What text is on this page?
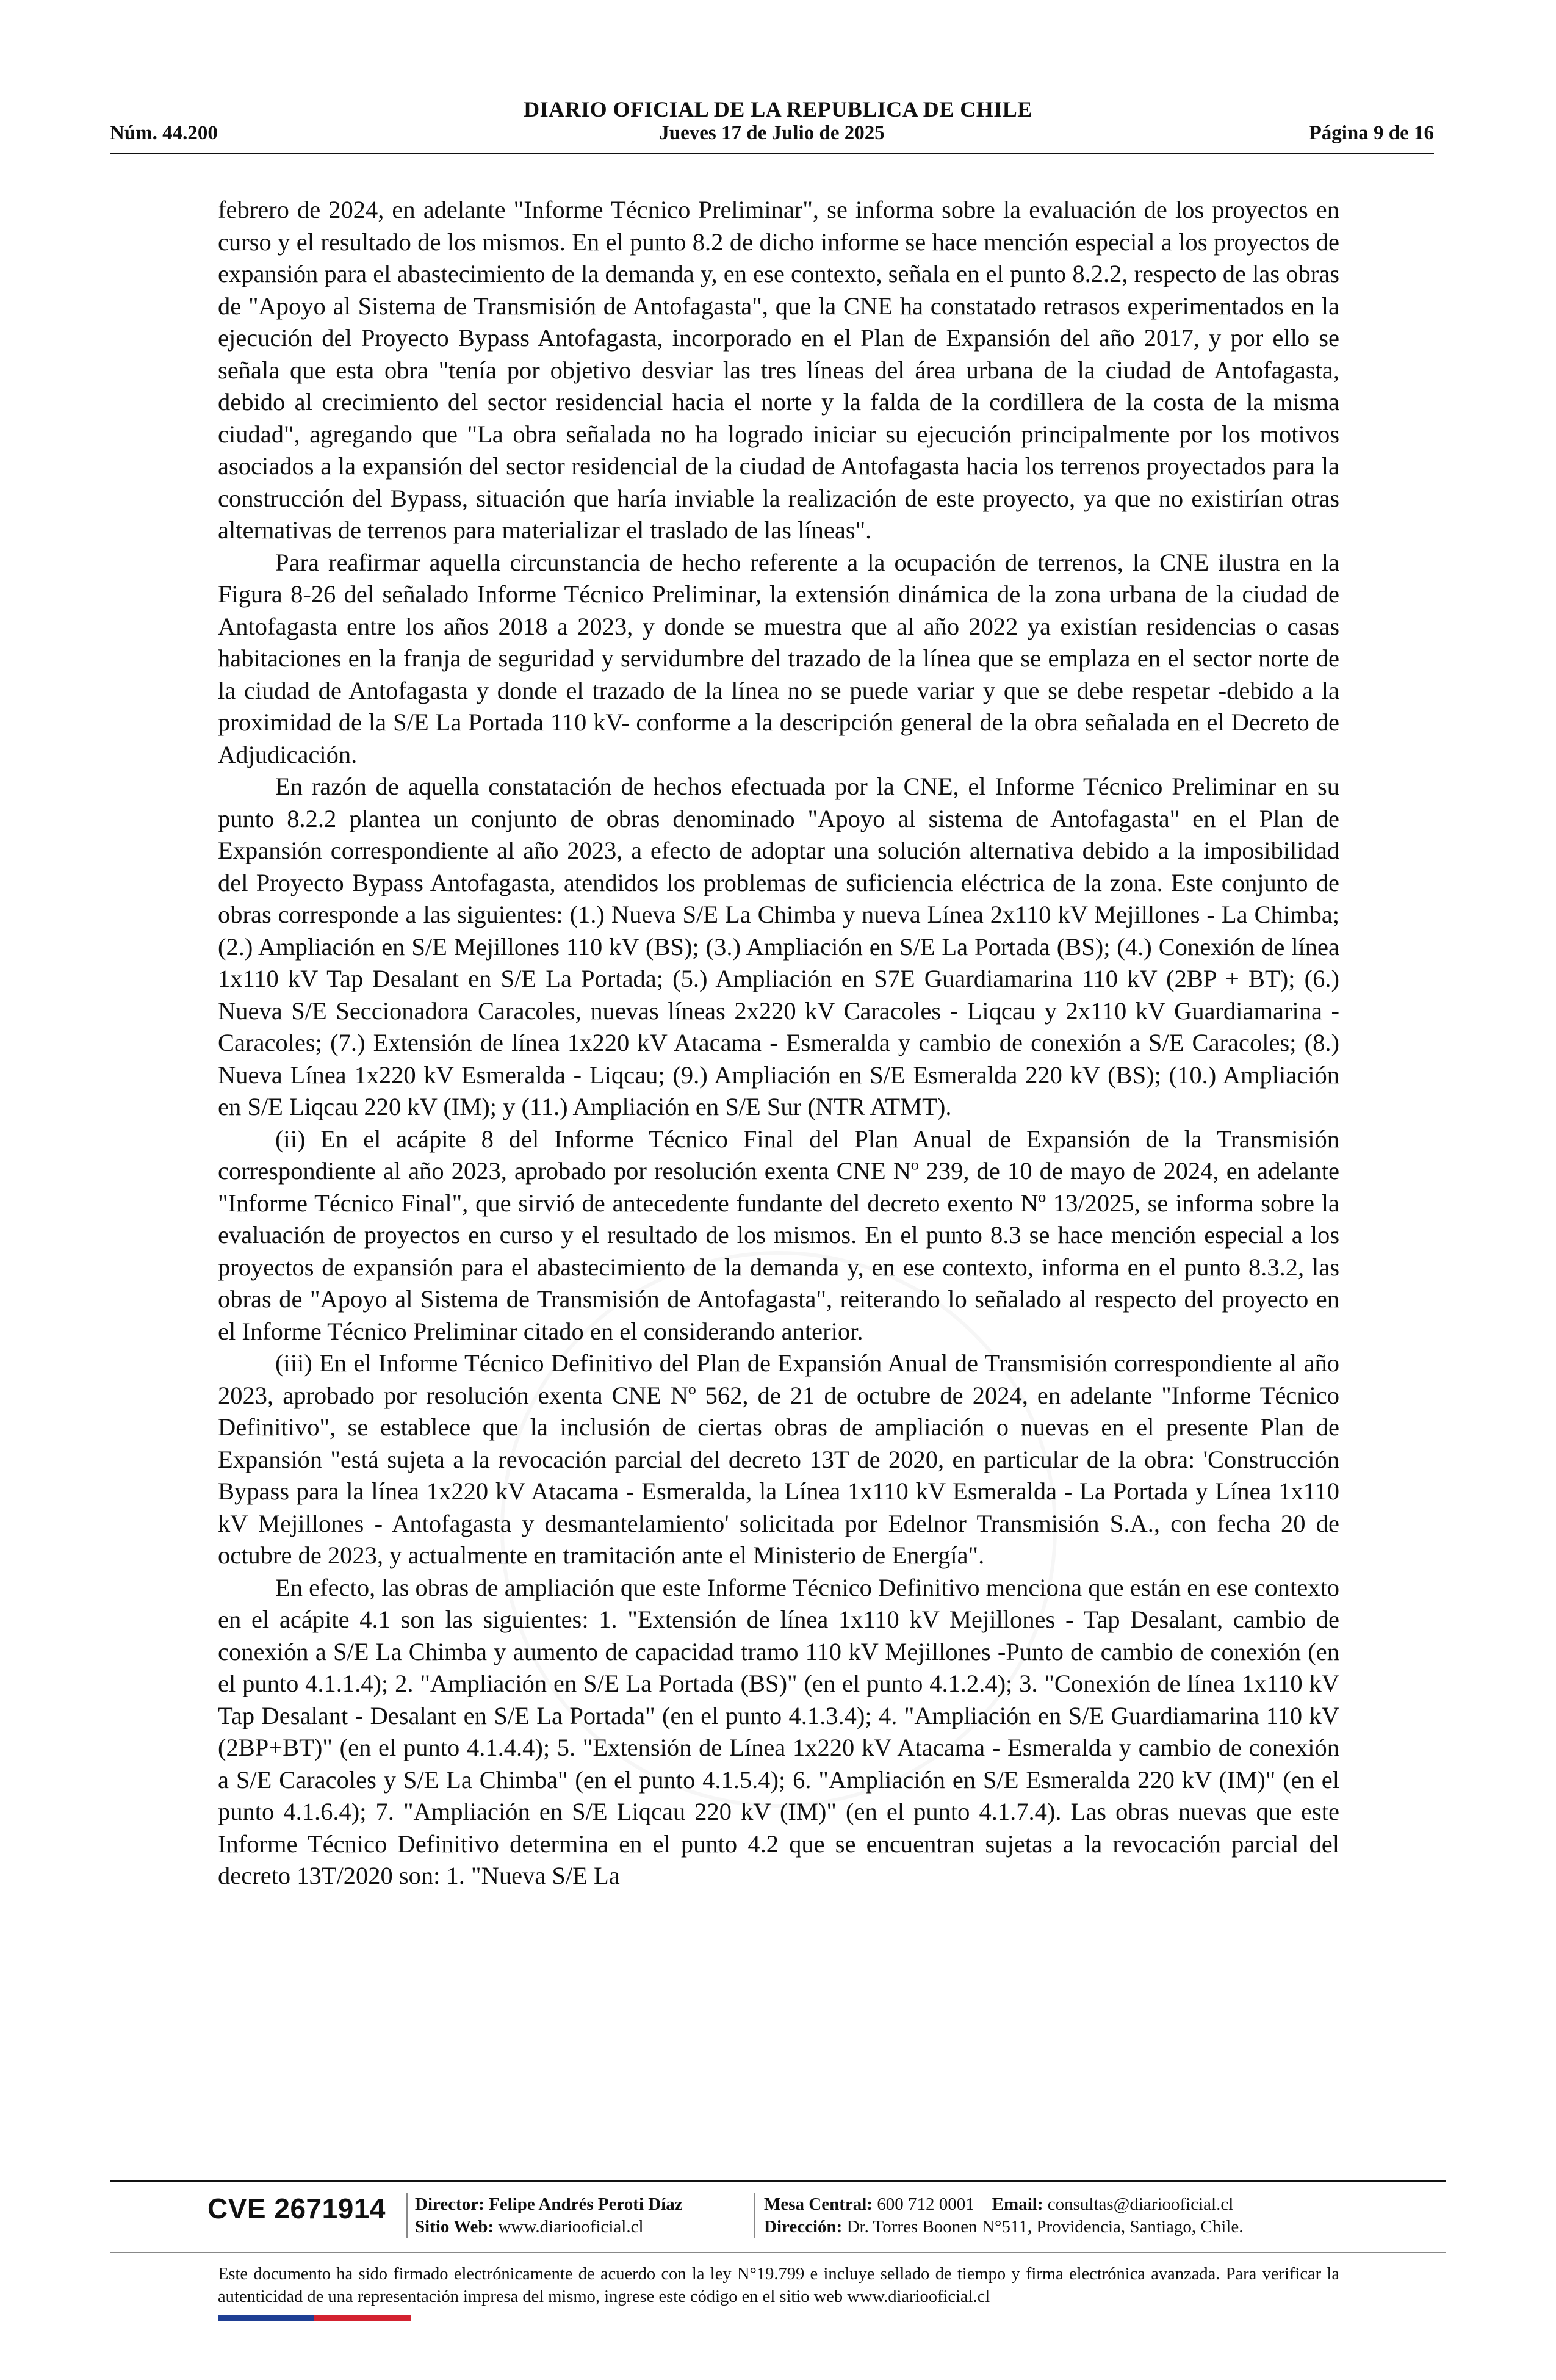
DIARIO OFICIAL DE LA REPUBLICA DE CHILE
Núm. 44.200	Jueves 17 de Julio de 2025	Página 9 de 16

febrero de 2024, en adelante "Informe Técnico Preliminar", se informa sobre la evaluación de los proyectos en curso y el resultado de los mismos. En el punto 8.2 de dicho informe se hace mención especial a los proyectos de expansión para el abastecimiento de la demanda y, en ese contexto, señala en el punto 8.2.2, respecto de las obras de "Apoyo al Sistema de Transmisión de Antofagasta", que la CNE ha constatado retrasos experimentados en la ejecución del Proyecto Bypass Antofagasta, incorporado en el Plan de Expansión del año 2017, y por ello se señala que esta obra "tenía por objetivo desviar las tres líneas del área urbana de la ciudad de Antofagasta, debido al crecimiento del sector residencial hacia el norte y la falda de la cordillera de la costa de la misma ciudad", agregando que "La obra señalada no ha logrado iniciar su ejecución principalmente por los motivos asociados a la expansión del sector residencial de la ciudad de Antofagasta hacia los terrenos proyectados para la construcción del Bypass, situación que haría inviable la realización de este proyecto, ya que no existirían otras alternativas de terrenos para materializar el traslado de las líneas".

Para reafirmar aquella circunstancia de hecho referente a la ocupación de terrenos, la CNE ilustra en la Figura 8-26 del señalado Informe Técnico Preliminar, la extensión dinámica de la zona urbana de la ciudad de Antofagasta entre los años 2018 a 2023, y donde se muestra que al año 2022 ya existían residencias o casas habitaciones en la franja de seguridad y servidumbre del trazado de la línea que se emplaza en el sector norte de la ciudad de Antofagasta y donde el trazado de la línea no se puede variar y que se debe respetar -debido a la proximidad de la S/E La Portada 110 kV- conforme a la descripción general de la obra señalada en el Decreto de Adjudicación.

En razón de aquella constatación de hechos efectuada por la CNE, el Informe Técnico Preliminar en su punto 8.2.2 plantea un conjunto de obras denominado "Apoyo al sistema de Antofagasta" en el Plan de Expansión correspondiente al año 2023, a efecto de adoptar una solución alternativa debido a la imposibilidad del Proyecto Bypass Antofagasta, atendidos los problemas de suficiencia eléctrica de la zona. Este conjunto de obras corresponde a las siguientes: (1.) Nueva S/E La Chimba y nueva Línea 2x110 kV Mejillones - La Chimba; (2.) Ampliación en S/E Mejillones 110 kV (BS); (3.) Ampliación en S/E La Portada (BS); (4.) Conexión de línea 1x110 kV Tap Desalant en S/E La Portada; (5.) Ampliación en S7E Guardiamarina 110 kV (2BP + BT); (6.) Nueva S/E Seccionadora Caracoles, nuevas líneas 2x220 kV Caracoles - Liqcau y 2x110 kV Guardiamarina - Caracoles; (7.) Extensión de línea 1x220 kV Atacama - Esmeralda y cambio de conexión a S/E Caracoles; (8.) Nueva Línea 1x220 kV Esmeralda - Liqcau; (9.) Ampliación en S/E Esmeralda 220 kV (BS); (10.) Ampliación en S/E Liqcau 220 kV (IM); y (11.) Ampliación en S/E Sur (NTR ATMT).

(ii) En el acápite 8 del Informe Técnico Final del Plan Anual de Expansión de la Transmisión correspondiente al año 2023, aprobado por resolución exenta CNE Nº 239, de 10 de mayo de 2024, en adelante "Informe Técnico Final", que sirvió de antecedente fundante del decreto exento Nº 13/2025, se informa sobre la evaluación de proyectos en curso y el resultado de los mismos. En el punto 8.3 se hace mención especial a los proyectos de expansión para el abastecimiento de la demanda y, en ese contexto, informa en el punto 8.3.2, las obras de "Apoyo al Sistema de Transmisión de Antofagasta", reiterando lo señalado al respecto del proyecto en el Informe Técnico Preliminar citado en el considerando anterior.

(iii) En el Informe Técnico Definitivo del Plan de Expansión Anual de Transmisión correspondiente al año 2023, aprobado por resolución exenta CNE Nº 562, de 21 de octubre de 2024, en adelante "Informe Técnico Definitivo", se establece que la inclusión de ciertas obras de ampliación o nuevas en el presente Plan de Expansión "está sujeta a la revocación parcial del decreto 13T de 2020, en particular de la obra: 'Construcción Bypass para la línea 1x220 kV Atacama - Esmeralda, la Línea 1x110 kV Esmeralda - La Portada y Línea 1x110 kV Mejillones - Antofagasta y desmantelamiento' solicitada por Edelnor Transmisión S.A., con fecha 20 de octubre de 2023, y actualmente en tramitación ante el Ministerio de Energía".

En efecto, las obras de ampliación que este Informe Técnico Definitivo menciona que están en ese contexto en el acápite 4.1 son las siguientes: 1. "Extensión de línea 1x110 kV Mejillones - Tap Desalant, cambio de conexión a S/E La Chimba y aumento de capacidad tramo 110 kV Mejillones -Punto de cambio de conexión (en el punto 4.1.1.4); 2. "Ampliación en S/E La Portada (BS)" (en el punto 4.1.2.4); 3. "Conexión de línea 1x110 kV Tap Desalant - Desalant en S/E La Portada" (en el punto 4.1.3.4); 4. "Ampliación en S/E Guardiamarina 110 kV (2BP+BT)" (en el punto 4.1.4.4); 5. "Extensión de Línea 1x220 kV Atacama - Esmeralda y cambio de conexión a S/E Caracoles y S/E La Chimba" (en el punto 4.1.5.4); 6. "Ampliación en S/E Esmeralda 220 kV (IM)" (en el punto 4.1.6.4); 7. "Ampliación en S/E Liqcau 220 kV (IM)" (en el punto 4.1.7.4). Las obras nuevas que este Informe Técnico Definitivo determina en el punto 4.2 que se encuentran sujetas a la revocación parcial del decreto 13T/2020 son: 1. "Nueva S/E La

CVE 2671914 Director: Felipe Andrés Peroti Díaz
Sitio Web: www.diariooficial.cl
Mesa Central: 600 712 0001 Email: consultas@diariooficial.cl
Dirección: Dr. Torres Boonen N°511, Providencia, Santiago, Chile.
Este documento ha sido firmado electrónicamente de acuerdo con la ley N°19.799 e incluye sellado de tiempo y firma electrónica avanzada. Para verificar la autenticidad de una representación impresa del mismo, ingrese este código en el sitio web www.diariooficial.cl
